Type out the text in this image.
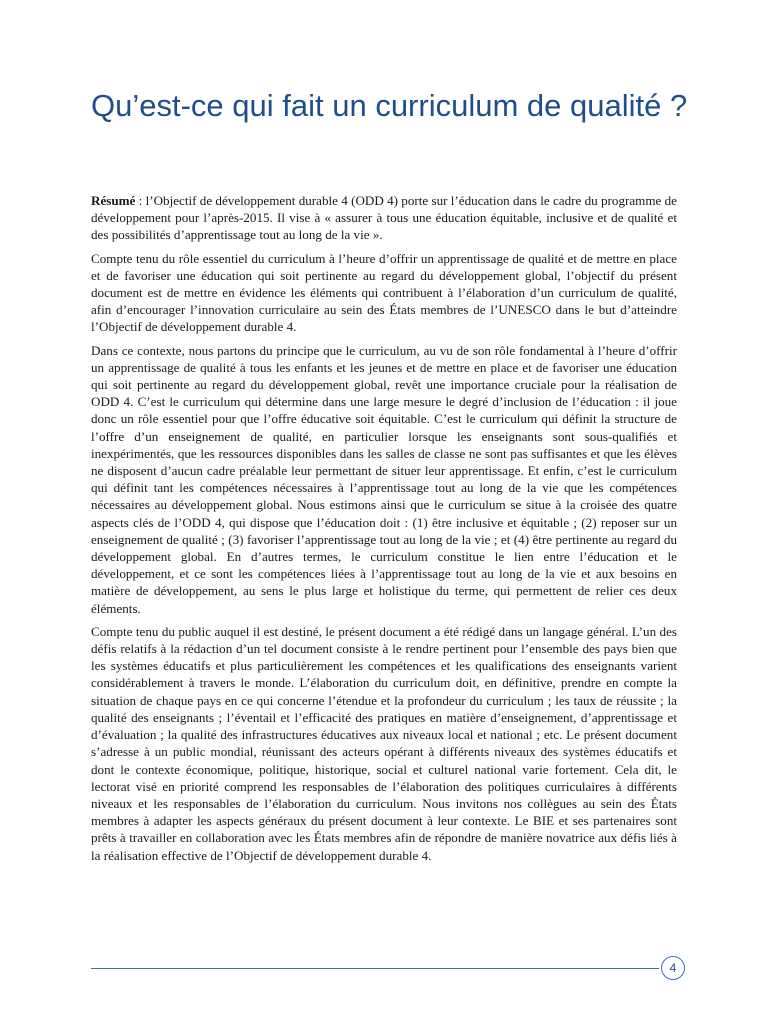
Qu’est-ce qui fait un curriculum de qualité ?

Résumé : l’Objectif de développement durable 4 (ODD 4) porte sur l’éducation dans le cadre du programme de développement pour l’après-2015. Il vise à « assurer à tous une éducation équitable, inclusive et de qualité et des possibilités d’apprentissage tout au long de la vie ».

Compte tenu du rôle essentiel du curriculum à l’heure d’offrir un apprentissage de qualité et de mettre en place et de favoriser une éducation qui soit pertinente au regard du développement global, l’objectif du présent document est de mettre en évidence les éléments qui contribuent à l’élaboration d’un curriculum de qualité, afin d’encourager l’innovation curriculaire au sein des États membres de l’UNESCO dans le but d’atteindre l’Objectif de développement durable 4.

Dans ce contexte, nous partons du principe que le curriculum, au vu de son rôle fondamental à l’heure d’offrir un apprentissage de qualité à tous les enfants et les jeunes et de mettre en place et de favoriser une éducation qui soit pertinente au regard du développement global, revêt une importance cruciale pour la réalisation de ODD 4. C’est le curriculum qui détermine dans une large mesure le degré d’inclusion de l’éducation : il joue donc un rôle essentiel pour que l’offre éducative soit équitable. C’est le curriculum qui définit la structure de l’offre d’un enseignement de qualité, en particulier lorsque les enseignants sont sous-qualifiés et inexpérimentés, que les ressources disponibles dans les salles de classe ne sont pas suffisantes et que les élèves ne disposent d’aucun cadre préalable leur permettant de situer leur apprentissage. Et enfin, c’est le curriculum qui définit tant les compétences nécessaires à l’apprentissage tout au long de la vie que les compétences nécessaires au développement global. Nous estimons ainsi que le curriculum se situe à la croisée des quatre aspects clés de l’ODD 4, qui dispose que l’éducation doit : (1) être inclusive et équitable ; (2) reposer sur un enseignement de qualité ; (3) favoriser l’apprentissage tout au long de la vie ; et (4) être pertinente au regard du développement global. En d’autres termes, le curriculum constitue le lien entre l’éducation et le développement, et ce sont les compétences liées à l’apprentissage tout au long de la vie et aux besoins en matière de développement, au sens le plus large et holistique du terme, qui permettent de relier ces deux éléments.

Compte tenu du public auquel il est destiné, le présent document a été rédigé dans un langage général. L’un des défis relatifs à la rédaction d’un tel document consiste à le rendre pertinent pour l’ensemble des pays bien que les systèmes éducatifs et plus particulièrement les compétences et les qualifications des enseignants varient considérablement à travers le monde. L’élaboration du curriculum doit, en définitive, prendre en compte la situation de chaque pays en ce qui concerne l’étendue et la profondeur du curriculum ; les taux de réussite ; la qualité des enseignants ; l’éventail et l’efficacité des pratiques en matière d’enseignement, d’apprentissage et d’évaluation ; la qualité des infrastructures éducatives aux niveaux local et national ; etc. Le présent document s’adresse à un public mondial, réunissant des acteurs opérant à différents niveaux des systèmes éducatifs et dont le contexte économique, politique, historique, social et culturel national varie fortement. Cela dit, le lectorat visé en priorité comprend les responsables de l’élaboration des politiques curriculaires à différents niveaux et les responsables de l’élaboration du curriculum. Nous invitons nos collègues au sein des États membres à adapter les aspects généraux du présent document à leur contexte. Le BIE et ses partenaires sont prêts à travailler en collaboration avec les États membres afin de répondre de manière novatrice aux défis liés à la réalisation effective de l’Objectif de développement durable 4.

4
